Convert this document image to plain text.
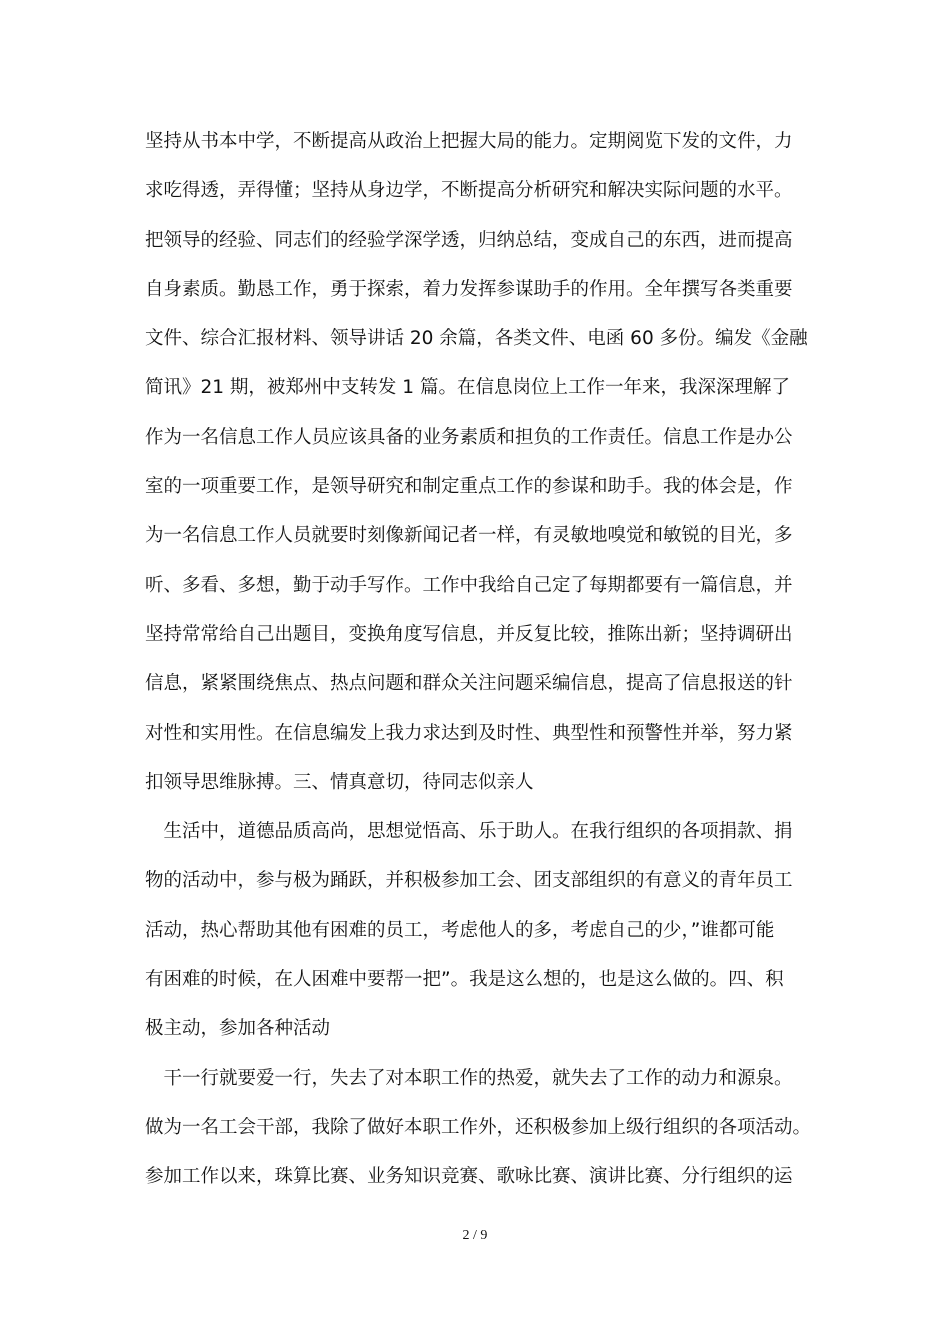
坚持从书本中学，不断提高从政治上把握大局的能力。定期阅览下发的文件，力
求吃得透，弄得懂；坚持从身边学，不断提高分析研究和解决实际问题的水平。
把领导的经验、同志们的经验学深学透，归纳总结，变成自己的东西，进而提高
自身素质。勤恳工作，勇于探索，着力发挥参谋助手的作用。全年撰写各类重要
文件、综合汇报材料、领导讲话 20 余篇，各类文件、电函 60 多份。编发《金融
简讯》21 期，被郑州中支转发 1 篇。在信息岗位上工作一年来，我深深理解了
作为一名信息工作人员应该具备的业务素质和担负的工作责任。信息工作是办公
室的一项重要工作，是领导研究和制定重点工作的参谋和助手。我的体会是，作
为一名信息工作人员就要时刻像新闻记者一样，有灵敏地嗅觉和敏锐的目光，多
听、多看、多想，勤于动手写作。工作中我给自己定了每期都要有一篇信息，并
坚持常常给自己出题目，变换角度写信息，并反复比较，推陈出新；坚持调研出
信息，紧紧围绕焦点、热点问题和群众关注问题采编信息，提高了信息报送的针
对性和实用性。在信息编发上我力求达到及时性、典型性和预警性并举，努力紧
扣领导思维脉搏。三、情真意切，待同志似亲人
　生活中，道德品质高尚，思想觉悟高、乐于助人。在我行组织的各项捐款、捐
物的活动中，参与极为踊跃，并积极参加工会、团支部组织的有意义的青年员工
活动，热心帮助其他有困难的员工，考虑他人的多，考虑自己的少，”谁都可能
有困难的时候，在人困难中要帮一把”。我是这么想的，也是这么做的。四、积
极主动，参加各种活动
　干一行就要爱一行，失去了对本职工作的热爱，就失去了工作的动力和源泉。
做为一名工会干部，我除了做好本职工作外，还积极参加上级行组织的各项活动。
参加工作以来，珠算比赛、业务知识竞赛、歌咏比赛、演讲比赛、分行组织的运
2 / 9
